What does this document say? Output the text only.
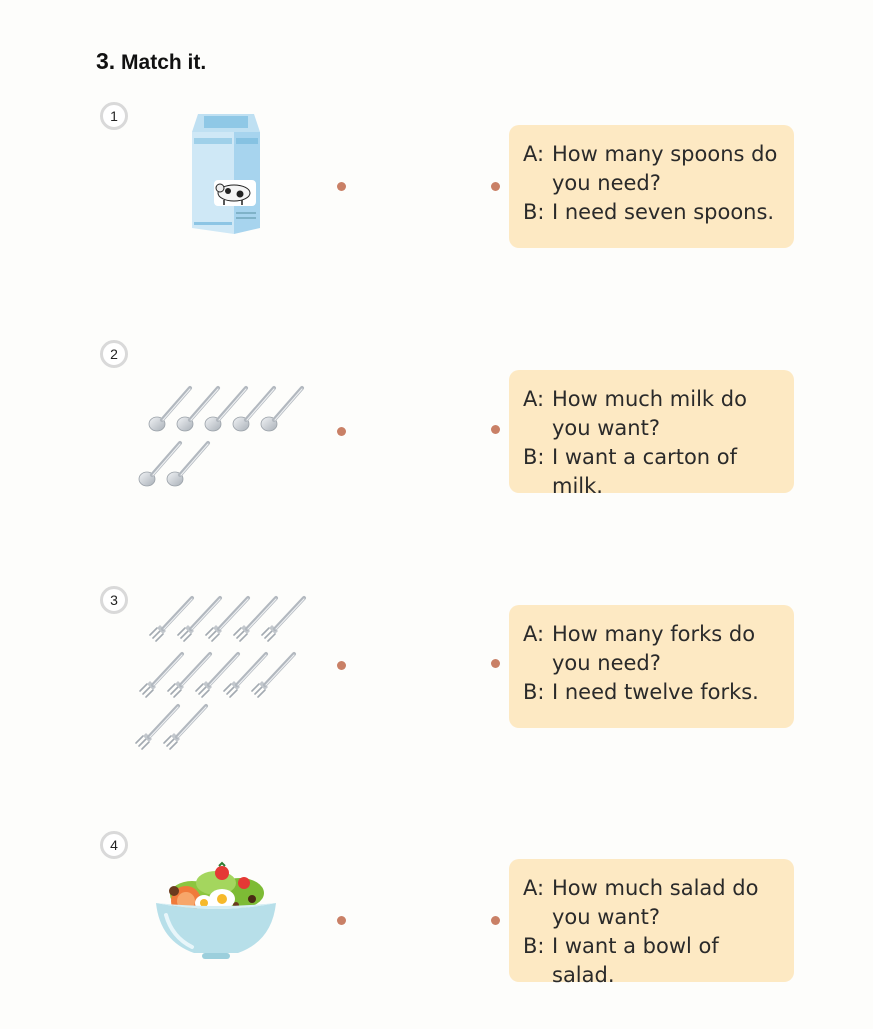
3. Match it.
1
A: How many spoons do you need?
B: I need seven spoons.
2
A: How much milk do you want?
B: I want a carton of milk.
3
A: How many forks do you need?
B: I need twelve forks.
4
A: How much salad do you want?
B: I want a bowl of salad.
